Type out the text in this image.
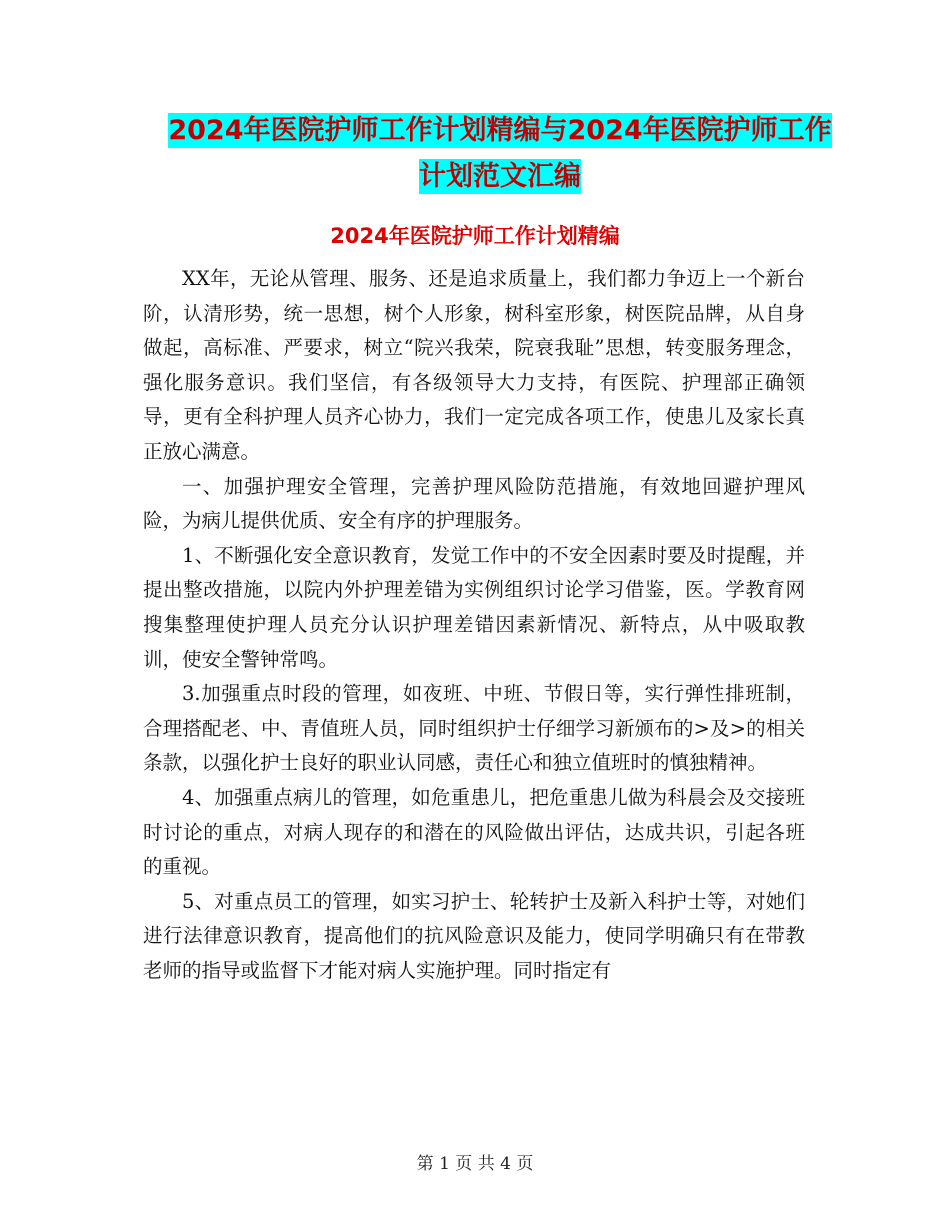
2024年医院护师工作计划精编与2024年医院护师工作
计划范文汇编
2024年医院护师工作计划精编

XX年，无论从管理、服务、还是追求质量上，我们都力争迈上一个新台阶，认清形势，统一思想，树个人形象，树科室形象，树医院品牌，从自身做起，高标准、严要求，树立“院兴我荣，院衰我耻”思想，转变服务理念，强化服务意识。我们坚信，有各级领导大力支持，有医院、护理部正确领导，更有全科护理人员齐心协力，我们一定完成各项工作，使患儿及家长真正放心满意。

一、加强护理安全管理，完善护理风险防范措施，有效地回避护理风险，为病儿提供优质、安全有序的护理服务。

1、不断强化安全意识教育，发觉工作中的不安全因素时要及时提醒，并提出整改措施，以院内外护理差错为实例组织讨论学习借鉴，医。学教育网搜集整理使护理人员充分认识护理差错因素新情况、新特点，从中吸取教训，使安全警钟常鸣。

3.加强重点时段的管理，如夜班、中班、节假日等，实行弹性排班制，合理搭配老、中、青值班人员，同时组织护士仔细学习新颁布的>及>的相关条款，以强化护士良好的职业认同感，责任心和独立值班时的慎独精神。

4、加强重点病儿的管理，如危重患儿，把危重患儿做为科晨会及交接班时讨论的重点，对病人现存的和潜在的风险做出评估，达成共识，引起各班的重视。

5、对重点员工的管理，如实习护士、轮转护士及新入科护士等，对她们进行法律意识教育，提高他们的抗风险意识及能力，使同学明确只有在带教老师的指导或监督下才能对病人实施护理。同时指定有

第 1 页 共 4 页
